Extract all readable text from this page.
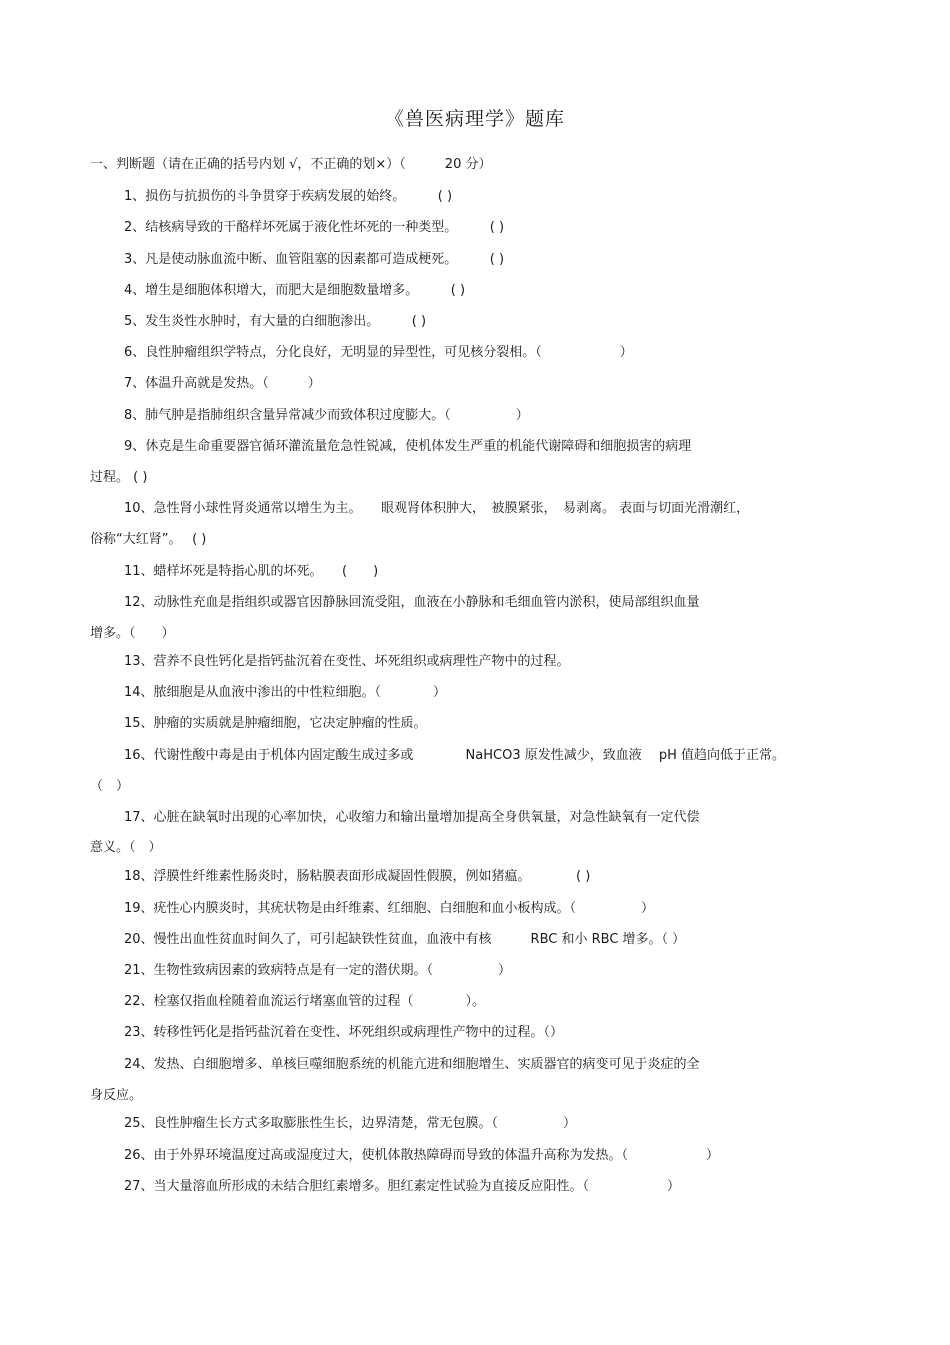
《兽医病理学》题库
一、判断题（请在正确的括号内划 √，不正确的划×）（　　　20 分）
1、损伤与抗损伤的斗争贯穿于疾病发展的始终。　　　( )
2、结核病导致的干酪样坏死属于液化性坏死的一种类型。　　　( )
3、凡是使动脉血流中断、血管阻塞的因素都可造成梗死。　　　( )
4、增生是细胞体积增大，而肥大是细胞数量增多。　　　( )
5、发生炎性水肿时，有大量的白细胞渗出。　　　( )
6、良性肿瘤组织学特点，分化良好，无明显的异型性，可见核分裂相。（　　　　　　）
7、体温升高就是发热。（　　　）
8、肺气肿是指肺组织含量异常减少而致体积过度膨大。（　　　　　）
9、休克是生命重要器官循环灌流量危急性锐减，使机体发生严重的机能代谢障碍和细胞损害的病理
过程。 ( )
10、急性肾小球性肾炎通常以增生为主。　　眼观肾体积肿大，　被膜紧张，　易剥离。 表面与切面光滑潮红，
俗称“大红肾”。　 ( )
11、蜡样坏死是特指心肌的坏死。　　(　　)
12、动脉性充血是指组织或器官因静脉回流受阻，血液在小静脉和毛细血管内淤积，使局部组织血量
增多。（　　）
13、营养不良性钙化是指钙盐沉着在变性、坏死组织或病理性产物中的过程。
14、脓细胞是从血液中渗出的中性粒细胞。（　　　　）
15、肿瘤的实质就是肿瘤细胞，它决定肿瘤的性质。
16、代谢性酸中毒是由于机体内固定酸生成过多或　　　　NaHCO3 原发性减少，致血液　 pH 值趋向低于正常。
（　）
17、心脏在缺氧时出现的心率加快，心收缩力和输出量增加提高全身供氧量，对急性缺氧有一定代偿
意义。（　）
18、浮膜性纤维素性肠炎时，肠粘膜表面形成凝固性假膜，例如猪瘟。　　　　( )
19、疣性心内膜炎时，其疣状物是由纤维素、红细胞、白细胞和血小板构成。（　　　　　）
20、慢性出血性贫血时间久了，可引起缺铁性贫血，血液中有核　　　RBC 和小 RBC 增多。（ ）
21、生物性致病因素的致病特点是有一定的潜伏期。（　　　　　）
22、栓塞仅指血栓随着血流运行堵塞血管的过程（　　　　）。
23、转移性钙化是指钙盐沉着在变性、坏死组织或病理性产物中的过程。（）
24、发热、白细胞增多、单核巨噬细胞系统的机能亢进和细胞增生、实质器官的病变可见于炎症的全
身反应。
25、良性肿瘤生长方式多取膨胀性生长，边界清楚，常无包膜。（　　　　　）
26、由于外界环境温度过高或湿度过大，使机体散热障碍而导致的体温升高称为发热。（　　　　　　）
27、当大量溶血所形成的未结合胆红素增多。胆红素定性试验为直接反应阳性。（　　　　　　）
